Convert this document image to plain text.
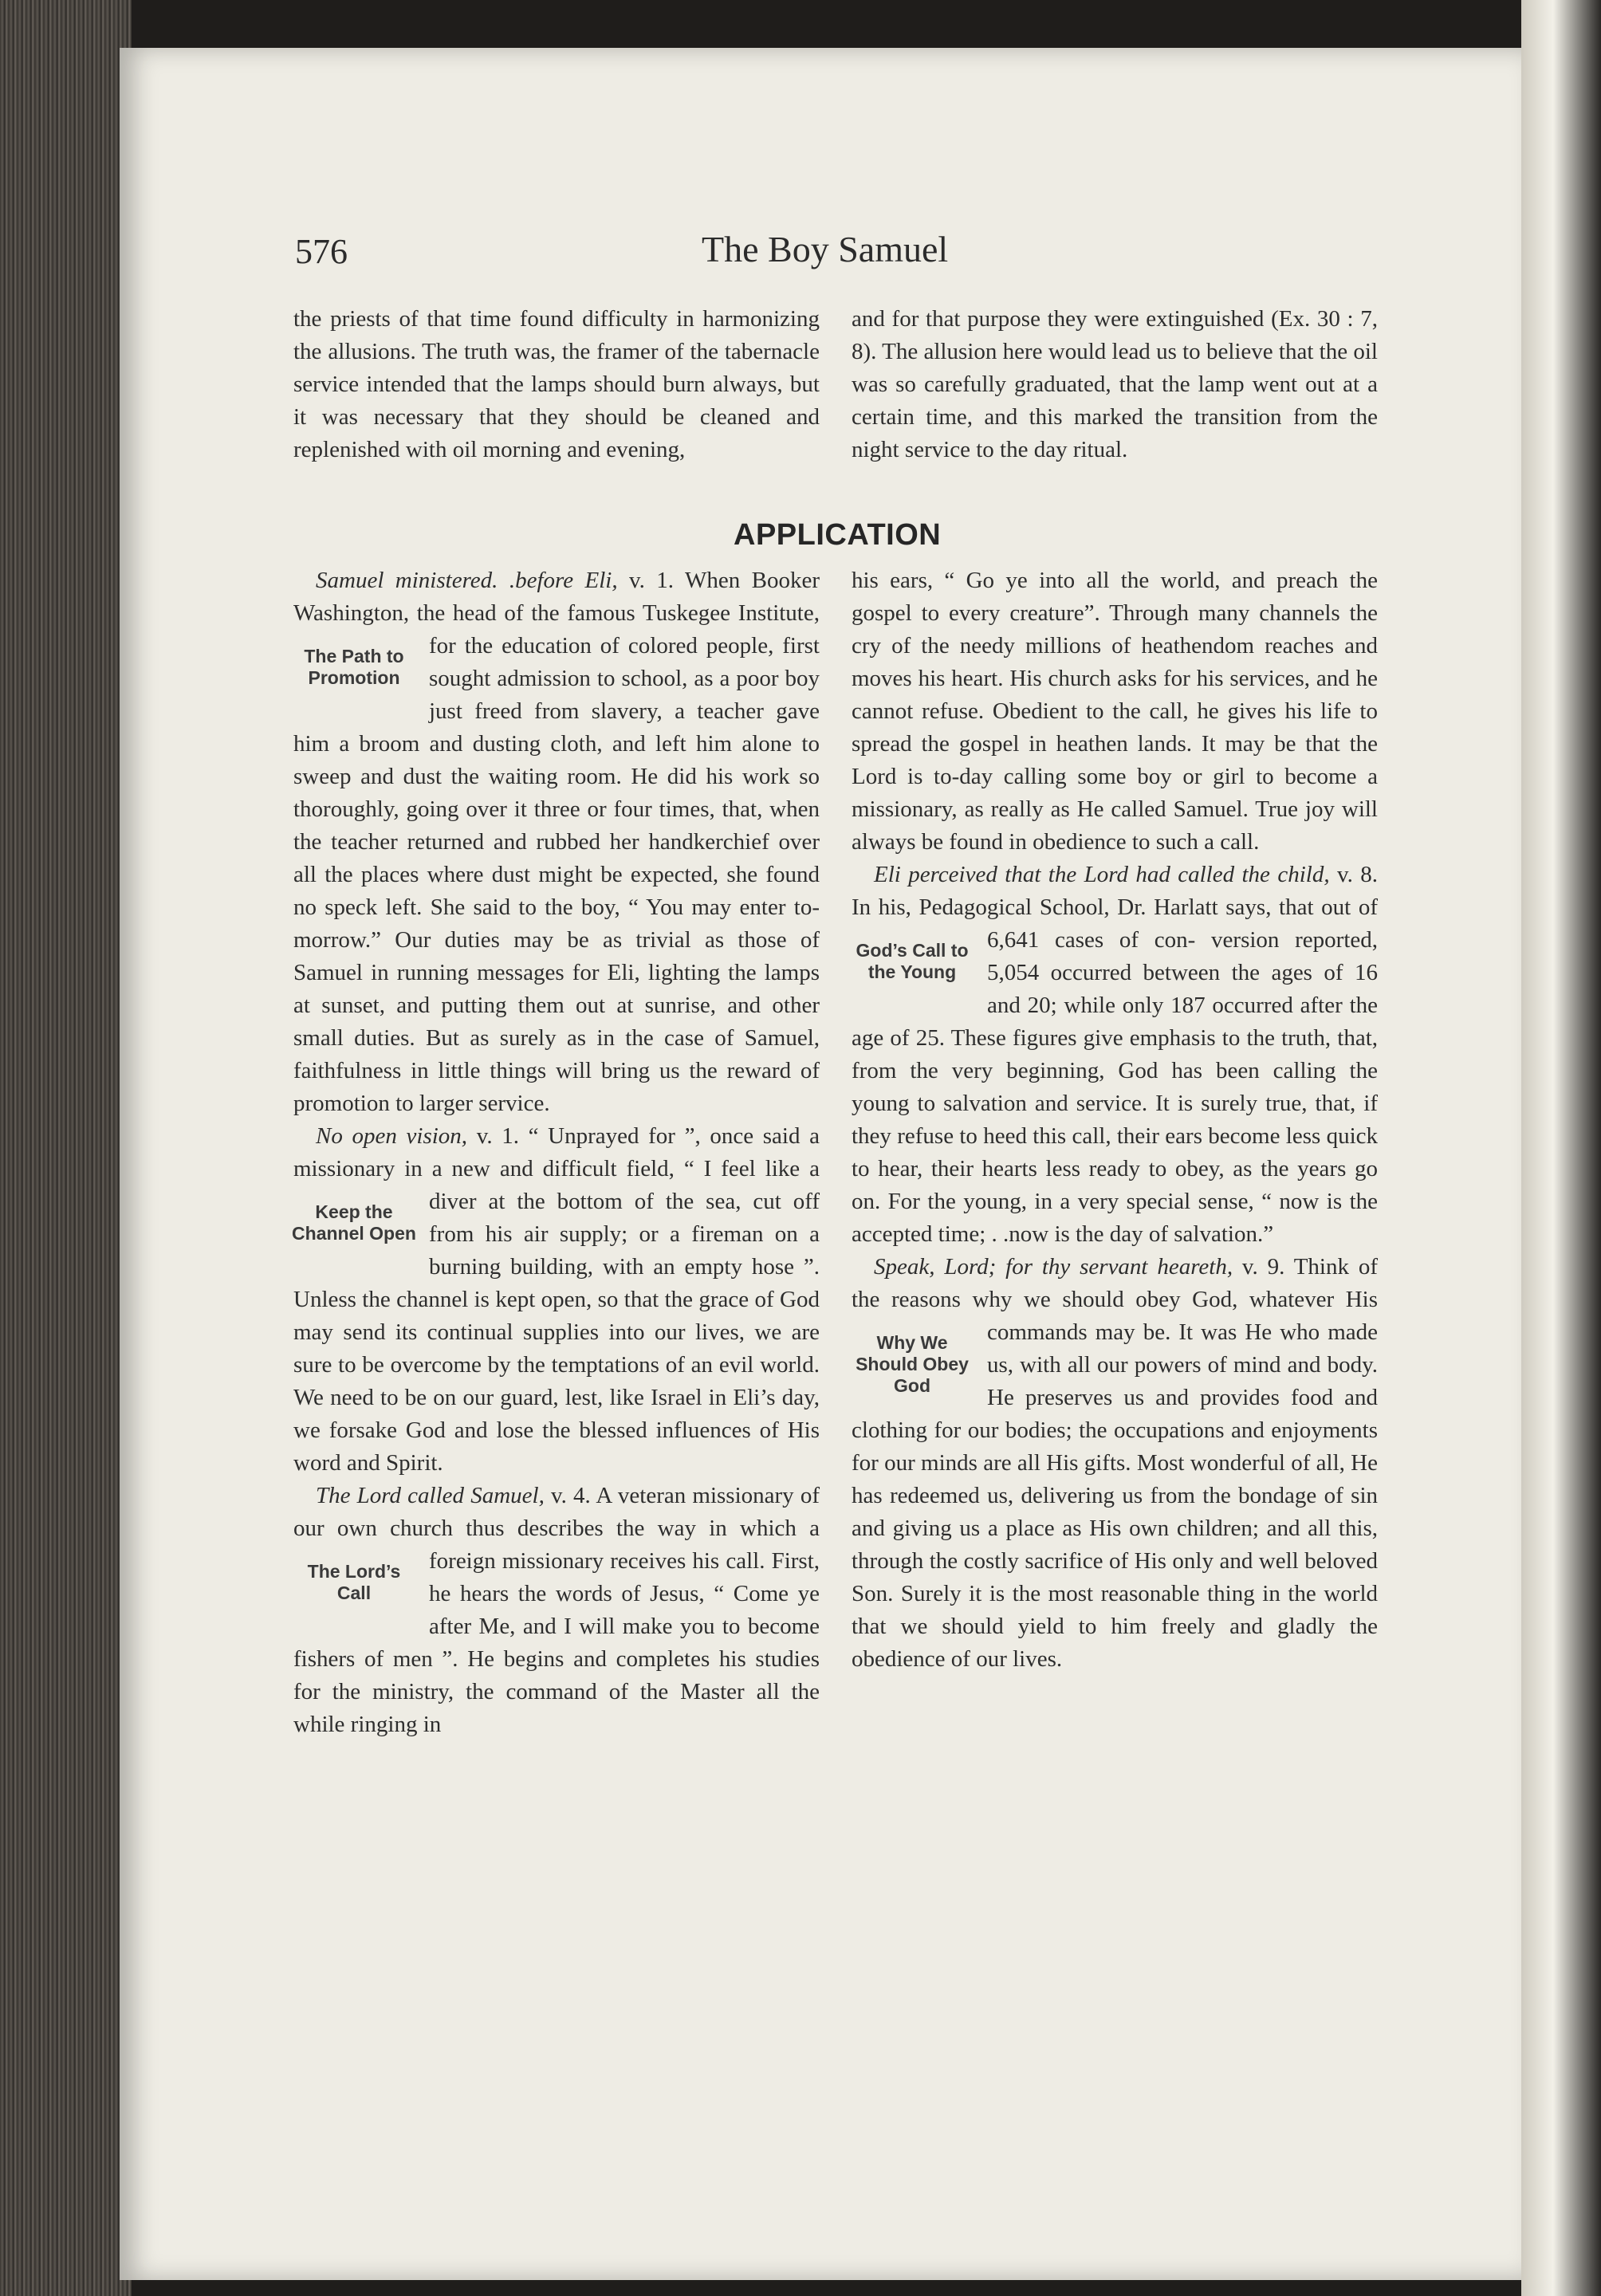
576	The Boy Samuel

the priests of that time found difficulty in harmonizing the allusions. The truth was, the framer of the tabernacle service intended that the lamps should burn always, but it was necessary that they should be cleaned and replenished with oil morning and evening,

and for that purpose they were extinguished (Ex. 30 : 7, 8). The allusion here would lead us to believe that the oil was so carefully graduated, that the lamp went out at a certain time, and this marked the transition from the night service to the day ritual.

APPLICATION

Samuel ministered. .before Eli, v. 1. When Booker Washington, the head of the famous Tuskegee Institute, for the education of
The Path to Promotion
colored people, first sought admission to school, as a poor boy just freed from slavery, a teacher gave him a broom and dusting cloth, and left him alone to sweep and dust the waiting room. He did his work so thoroughly, going over it three or four times, that, when the teacher returned and rubbed her handkerchief over all the places where dust might be expected, she found no speck left. She said to the boy, “ You may enter to-morrow.” Our duties may be as trivial as those of Samuel in running messages for Eli, lighting the lamps at sunset, and putting them out at sunrise, and other small duties. But as surely as in the case of Samuel, faithfulness in little things will bring us the reward of promotion to larger service.

No open vision, v. 1. “ Unprayed for ”, once said a missionary in a new and difficult field, “ I feel like a diver at the bottom of
Keep the Channel Open
the sea, cut off from his air supply; or a fireman on a burning building, with an empty hose ”. Unless the channel is kept open, so that the grace of God may send its continual supplies into our lives, we are sure to be overcome by the temptations of an evil world. We need to be on our guard, lest, like Israel in Eli’s day, we forsake God and lose the blessed influences of His word and Spirit.

The Lord called Samuel, v. 4. A veteran missionary of our own church thus describes the way in which a foreign missionary receives
The Lord’s Call
his call. First, he hears the words of Jesus, “ Come ye after Me, and I will make you to become fishers of men ”. He begins and completes his studies for the ministry, the command of the Master all the while ringing in

his ears, “ Go ye into all the world, and preach the gospel to every creature”. Through many channels the cry of the needy millions of heathendom reaches and moves his heart. His church asks for his services, and he cannot refuse. Obedient to the call, he gives his life to spread the gospel in heathen lands. It may be that the Lord is to-day calling some boy or girl to become a missionary, as really as He called Samuel. True joy will always be found in obedience to such a call.

Eli perceived that the Lord had called the child, v. 8. In his, Pedagogical School, Dr. Harlatt says, that out of 6,641 cases of con-
God’s Call to the Young
version reported, 5,054 occurred between the ages of 16 and 20; while only 187 occurred after the age of 25. These figures give emphasis to the truth, that, from the very beginning, God has been calling the young to salvation and service. It is surely true, that, if they refuse to heed this call, their ears become less quick to hear, their hearts less ready to obey, as the years go on. For the young, in a very special sense, “ now is the accepted time; . .now is the day of salvation.”

Speak, Lord; for thy servant heareth, v. 9. Think of the reasons why we should obey God, whatever His commands may be.
Why We Should Obey God
It was He who made us, with all our powers of mind and body. He preserves us and provides food and clothing for our bodies; the occupations and enjoyments for our minds are all His gifts. Most wonderful of all, He has redeemed us, delivering us from the bondage of sin and giving us a place as His own children; and all this, through the costly sacrifice of His only and well beloved Son. Surely it is the most reasonable thing in the world that we should yield to him freely and gladly the obedience of our lives.
